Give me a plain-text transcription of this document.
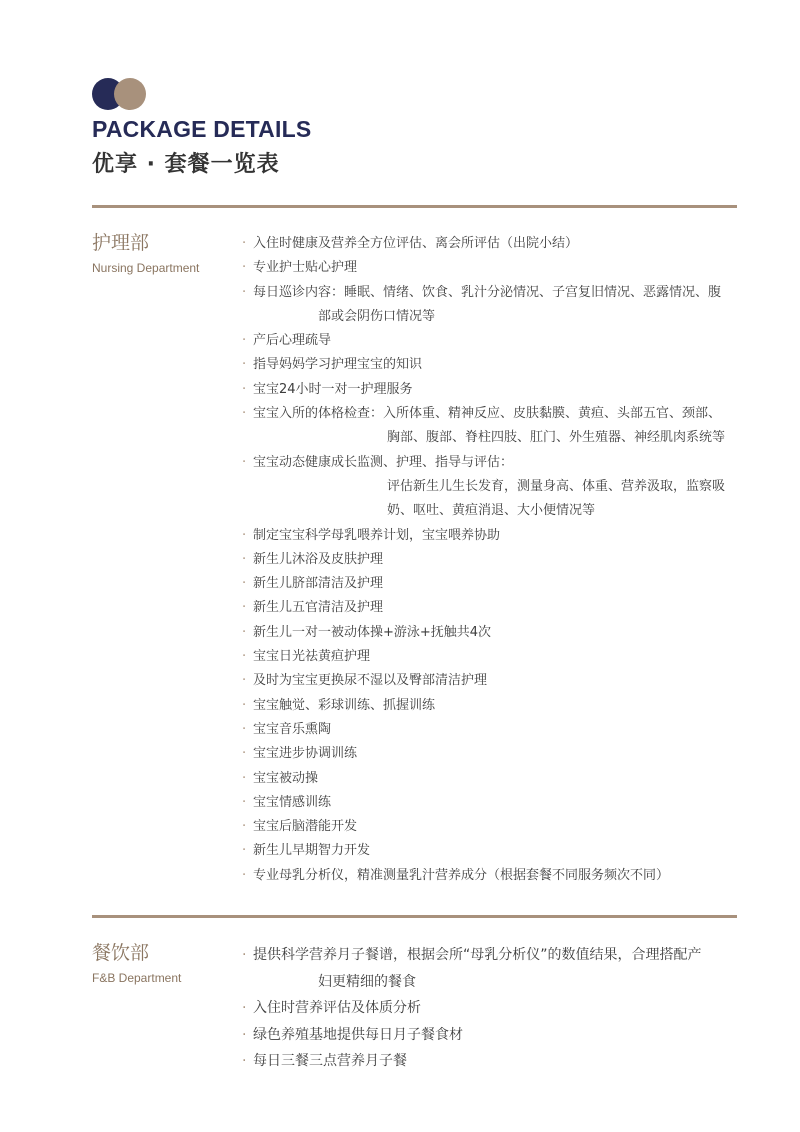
PACKAGE DETAILS
优享 · 套餐一览表
护理部
Nursing Department
· 入住时健康及营养全方位评估、离会所评估（出院小结）
· 专业护士贴心护理
· 每日巡诊内容：睡眠、情绪、饮食、乳汁分泌情况、子宫复旧情况、恶露情况、腹
部或会阴伤口情况等
· 产后心理疏导
· 指导妈妈学习护理宝宝的知识
· 宝宝24小时一对一护理服务
· 宝宝入所的体格检查：入所体重、精神反应、皮肤黏膜、黄疸、头部五官、颈部、
胸部、腹部、脊柱四肢、肛门、外生殖器、神经肌肉系统等
· 宝宝动态健康成长监测、护理、指导与评估：
评估新生儿生长发育，测量身高、体重、营养汲取，监察吸
奶、呕吐、黄疸消退、大小便情况等
· 制定宝宝科学母乳喂养计划，宝宝喂养协助
· 新生儿沐浴及皮肤护理
· 新生儿脐部清洁及护理
· 新生儿五官清洁及护理
· 新生儿一对一被动体操+游泳+抚触共4次
· 宝宝日光祛黄疸护理
· 及时为宝宝更换尿不湿以及臀部清洁护理
· 宝宝触觉、彩球训练、抓握训练
· 宝宝音乐熏陶
· 宝宝进步协调训练
· 宝宝被动操
· 宝宝情感训练
· 宝宝后脑潜能开发
· 新生儿早期智力开发
· 专业母乳分析仪，精准测量乳汁营养成分（根据套餐不同服务频次不同）
餐饮部
F&B Department
· 提供科学营养月子餐谱，根据会所“母乳分析仪”的数值结果，合理搭配产
妇更精细的餐食
· 入住时营养评估及体质分析
· 绿色养殖基地提供每日月子餐食材
· 每日三餐三点营养月子餐
